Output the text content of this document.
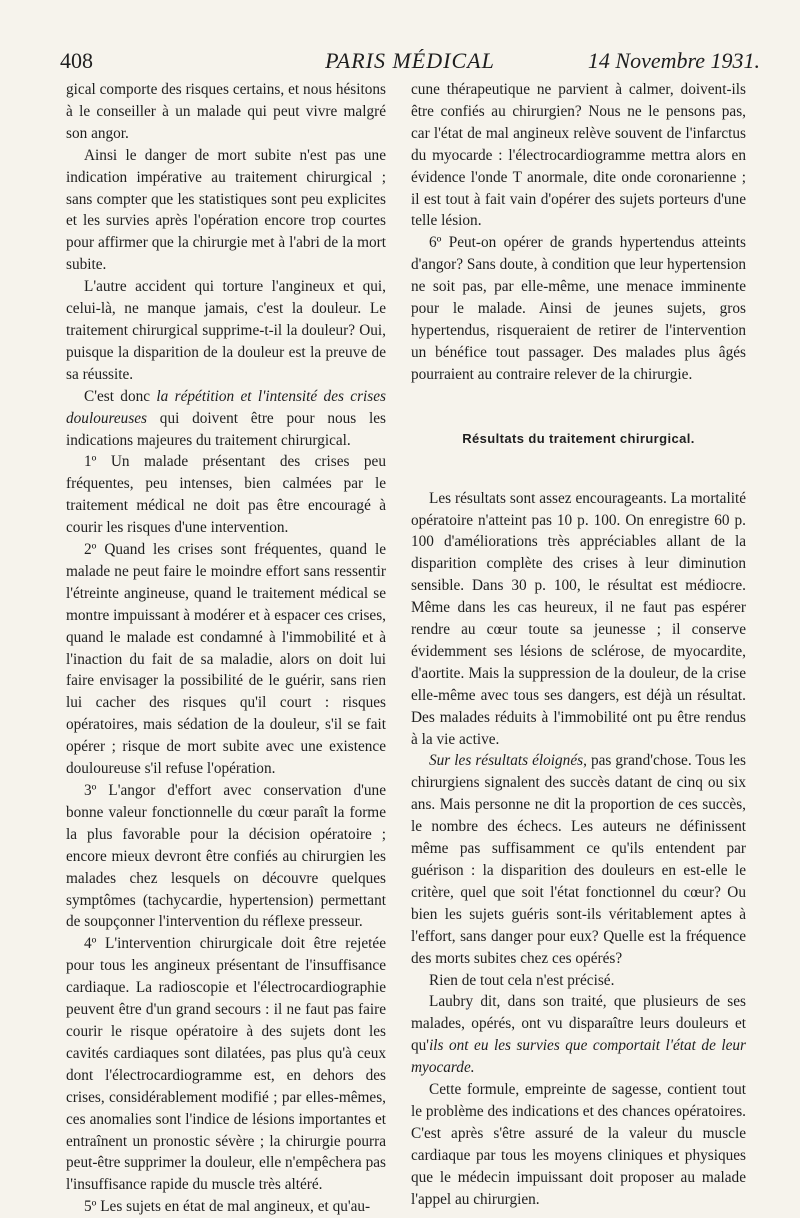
408	PARIS MÉDICAL	14 Novembre 1931.

gical comporte des risques certains, et nous hésitons à le conseiller à un malade qui peut vivre malgré son angor.

Ainsi le danger de mort subite n'est pas une indication impérative au traitement chirurgical ; sans compter que les statistiques sont peu explicites et les survies après l'opération encore trop courtes pour affirmer que la chirurgie met à l'abri de la mort subite.

L'autre accident qui torture l'angineux et qui, celui-là, ne manque jamais, c'est la douleur. Le traitement chirurgical supprime-t-il la douleur? Oui, puisque la disparition de la douleur est la preuve de sa réussite.

C'est donc la répétition et l'intensité des crises douloureuses qui doivent être pour nous les indications majeures du traitement chirurgical.

1º Un malade présentant des crises peu fréquentes, peu intenses, bien calmées par le traitement médical ne doit pas être encouragé à courir les risques d'une intervention.

2º Quand les crises sont fréquentes, quand le malade ne peut faire le moindre effort sans ressentir l'étreinte angineuse, quand le traitement médical se montre impuissant à modérer et à espacer ces crises, quand le malade est condamné à l'immobilité et à l'inaction du fait de sa maladie, alors on doit lui faire envisager la possibilité de le guérir, sans rien lui cacher des risques qu'il court : risques opératoires, mais sédation de la douleur, s'il se fait opérer ; risque de mort subite avec une existence douloureuse s'il refuse l'opération.

3º L'angor d'effort avec conservation d'une bonne valeur fonctionnelle du cœur paraît la forme la plus favorable pour la décision opératoire ; encore mieux devront être confiés au chirurgien les malades chez lesquels on découvre quelques symptômes (tachycardie, hypertension) permettant de soupçonner l'intervention du réflexe presseur.

4º L'intervention chirurgicale doit être rejetée pour tous les angineux présentant de l'insuffisance cardiaque. La radioscopie et l'électrocardiographie peuvent être d'un grand secours : il ne faut pas faire courir le risque opératoire à des sujets dont les cavités cardiaques sont dilatées, pas plus qu'à ceux dont l'électrocardiogramme est, en dehors des crises, considérablement modifié ; par elles-mêmes, ces anomalies sont l'indice de lésions importantes et entraînent un pronostic sévère ; la chirurgie pourra peut-être supprimer la douleur, elle n'empêchera pas l'insuffisance rapide du muscle très altéré.

5º Les sujets en état de mal angineux, et qu'au-

cune thérapeutique ne parvient à calmer, doivent-ils être confiés au chirurgien? Nous ne le pensons pas, car l'état de mal angineux relève souvent de l'infarctus du myocarde : l'électrocardiogramme mettra alors en évidence l'onde T anormale, dite onde coronarienne ; il est tout à fait vain d'opérer des sujets porteurs d'une telle lésion.

6º Peut-on opérer de grands hypertendus atteints d'angor? Sans doute, à condition que leur hypertension ne soit pas, par elle-même, une menace imminente pour le malade. Ainsi de jeunes sujets, gros hypertendus, risqueraient de retirer de l'intervention un bénéfice tout passager. Des malades plus âgés pourraient au contraire relever de la chirurgie.

Résultats du traitement chirurgical.

Les résultats sont assez encourageants. La mortalité opératoire n'atteint pas 10 p. 100. On enregistre 60 p. 100 d'améliorations très appréciables allant de la disparition complète des crises à leur diminution sensible. Dans 30 p. 100, le résultat est médiocre. Même dans les cas heureux, il ne faut pas espérer rendre au cœur toute sa jeunesse ; il conserve évidemment ses lésions de sclérose, de myocardite, d'aortite. Mais la suppression de la douleur, de la crise elle-même avec tous ses dangers, est déjà un résultat. Des malades réduits à l'immobilité ont pu être rendus à la vie active.

Sur les résultats éloignés, pas grand'chose. Tous les chirurgiens signalent des succès datant de cinq ou six ans. Mais personne ne dit la proportion de ces succès, le nombre des échecs. Les auteurs ne définissent même pas suffisamment ce qu'ils entendent par guérison : la disparition des douleurs en est-elle le critère, quel que soit l'état fonctionnel du cœur? Ou bien les sujets guéris sont-ils véritablement aptes à l'effort, sans danger pour eux? Quelle est la fréquence des morts subites chez ces opérés?

Rien de tout cela n'est précisé.

Laubry dit, dans son traité, que plusieurs de ses malades, opérés, ont vu disparaître leurs douleurs et qu'ils ont eu les survies que comportait l'état de leur myocarde.

Cette formule, empreinte de sagesse, contient tout le problème des indications et des chances opératoires. C'est après s'être assuré de la valeur du muscle cardiaque par tous les moyens cliniques et physiques que le médecin impuissant doit proposer au malade l'appel au chirurgien.
